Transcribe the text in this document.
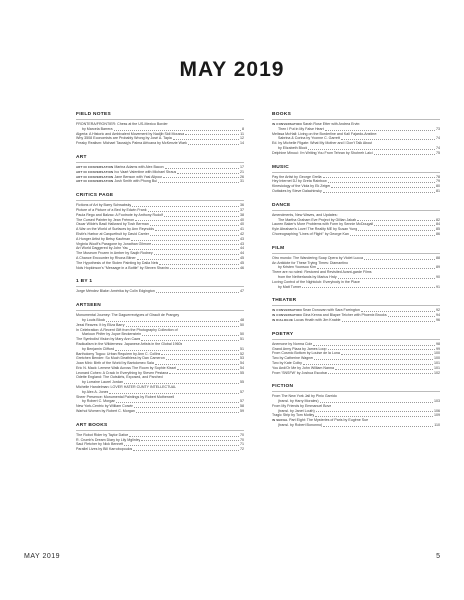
MAY 2019
FIELD NOTES
FRONTERA/FRONTIER: Chess at the US-Mexico Border
by Marcela Barrera	8
Algeria: A Historic and Ambivalent Movement by Nadjib Sidi Moussa	11
Why 3508 Economists are Probably Wrong by José A. Tapia	12
Freaky Realism: Michael Taussig's Palma Africana by McKenzie Wark	14
ART
ART IN CONVERSATIONMarina Adams with Alex Bacon	17
ART IN CONVERSATIONIvo Vaart Valentine with Michael Straus	21
ART IN CONVERSATIONJane Benson with Yasi Alipour	26
ART IN CONVERSATIONJosh Smith with Phong Bui	31
CRITICS PAGE
Fictions of Art by Barry Schwabsky	36
Picture of a Picture of a Bed by Edwin Frank	37
Paula Rego and Balzac: A Footnote by Anthony Rudolf	38
The Cursed Painter by Jean Frémon	40
Oscar Wilde's Basil Hallward by Tosh Berman	40
A War on the World of Surfaces by Ann Reynolds	41
Elstir's Harbor at Carquethuit by David Carrier	42
A Hunger Artist by Betsy Kaufman	43
Virginia Woolf's Paragone by Jonathan Gilmore	43
Art World Daggered by John Yau	44
The Museum Frozen in Amber by Saqib Rodney	44
A Chance Encounter by Rhona Bitner	45
The Hypothesis of the Stolen Painting by Dalia Neis	45
Nols Hopkinson's "Message in a Bottle" by Steven Shaviro	46
1 BY 1
Jorge Méndez Blake: Amérika by Colin Edgington	47
ARTSEEN
Monumental Journey: The Daguerreotypes of Girault de Prangey
by Louis Block	48
Jessi Reaves: It by Eliza Barry	50
In Celebration: A Recent Gift from the Photography Collection of
Marioun Phifer by Joyce Beckenstein	50
The Symbolist Vision by Mary Ann Caws	51
Radicalism in the Wilderness: Japanese Artists in the Global 1960s
by Benjamin Clifford	51
Bartholomy Togou: Urban Requiem by Ann C. Collins	52
Gretchen Bender: So Much Deathless by Dan Cameron	53
Joan Miró: Birth of the World by Bartolomeo Sala	54
Eric N. Mack: Lemme Walk Across The Room by Sophie Kissel	54
Leonard Cohen: A Crack In Everything by Steven Pestana	55
Odette England: The Outskirts, Exposed, and Parched
by Lorraine Laurel Jordan	55
Michelle Handelman: LOVER HATER CUNTY INTELLECTUAL
by Alex A. Jones	57
Sheer Presence: Monumental Paintings by Robert Motherwell
by Robert C. Morgan	57
New York-Centric by William Corwin	58
Warhol Women by Robert C. Morgan	59
ART BOOKS
The Robot Rider by Taylor Dafoe	70
R. Crumb's Dream Diary by Lily Mglinley	70
Saul Fletcher by Nick Bennett	71
Parallel Lives by Bill Karrobopoulos	72
BOOKS
IN CONVERSATIONSarah Rose Etter with Andrea Ervin:
Then I Put in My False Heart	73
Melissa McHall: Living on the Borderline and Kali Fajardo-Anstine:
Sabrina & Corina by Yvonne C. Garrett	74
Ed. by Michelle Filgate: What My Mother and I Don't Talk About
by Elizabeth Block	74
Delphine Minoui: I'm Writing You From Tehran by Shohreh Laici	75
MUSIC
Pay the Artist by George Grella	78
Hey Internet DJ by Greta Rainbow	79
Kinesiology of the Viola by Ek Zeiger	80
Outtakes by Steve Dalachinsky	81
DANCE
Amendments, New Waves, and Updates:
The Martha Graham Eve Project by Gillian Jakab	82
Lauren Baker's More Problems with Form by Sennie McDougall	84
Kyle Abraham's Love! The Reality ME by Susan Yung	85
Choreographing "Lines of Flight" by George Kan	86
FILM
Otro mundo: The Wandering Soap Opera by Violet Lucca	88
An Antidote for These Trying Times: Diamantino
by Kristen Yoonsoo Kim	89
There are no rules!: Restored and Revisited Avant-garde Films
from the Netherlands by Marius Hrdy	90
Loving Control of the Nightclub: Everybody in the Place
by Matt Turner	91
THEATER
IN CONVERSATIONSean Donovan with Sara Farrington	92
IN CONVERSATIONGina Kenna and Blayze Teicher with Phoenix Brooks	94
IN DIALOGUELucas Hnath with Jim Knable	96
POETRY
Anemone by Norma Cole	98
Grand Army Plaza by James Loop	99
From Cosmic Bottom by Louise de la Luna	100
Two by Catherine Wagner	100
Two by Kate Colby	101
You And/Or Me by John William Nanna	101
From 'SNSFW' by Joshua Escobar	102
FICTION
From The New York Jail by Pinio Garrido
(transl. by Harry Morales)	103
From My Friends by Emmanuel Bove
(transl. by Janet Louth)	106
Tragic Strip by Tom Motley	109
IN SERIALPart Eight: The Mysteries of Paris by Eugène Sue
(transl. by Robert Bononno)	110
MAY 2019	5
